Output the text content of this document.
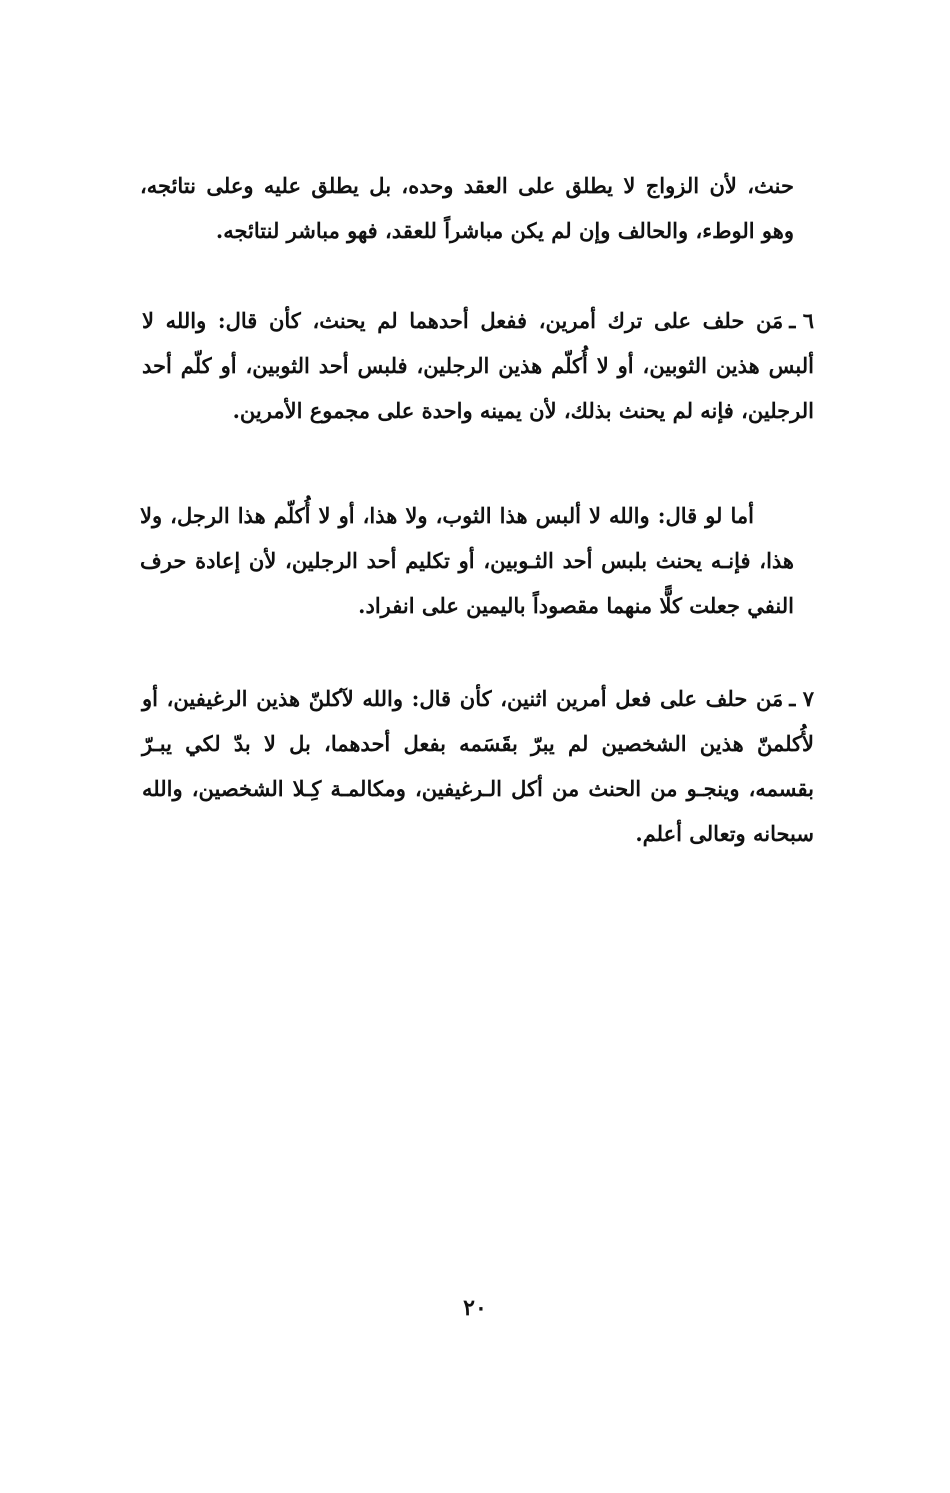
حنث، لأن الزواج لا يطلق على العقد وحده، بل يطلق عليه وعلى نتائجه، وهو الوطء، والحالف وإن لم يكن مباشراً للعقد، فهو مباشر لنتائجه.

٦ ـمَن حلف على ترك أمرين، ففعل أحدهما لم يحنث، كأن قال: والله لا ألبس هذين الثوبين، أو لا أُكلّم هذين الرجلين، فلبس أحد الثوبين، أو كلّم أحد الرجلين، فإنه لم يحنث بذلك، لأن يمينه واحدة على مجموع الأمرين.

أما لو قال: والله لا ألبس هذا الثوب، ولا هذا، أو لا أُكلّم هذا الرجل، ولا هذا، فإنـه يحنث بلبس أحد الثـوبين، أو تكليم أحد الرجلين، لأن إعادة حرف النفي جعلت كلًّا منهما مقصوداً باليمين على انفراد.

٧ ـمَن حلف على فعل أمرين اثنين، كأن قال: والله لآكلنّ هذين الرغيفين، أو لأُكلمنّ هذين الشخصين لم يبرّ بقَسَمه بفعل أحدهما، بل لا بدّ لكي يبـرّ بقسمه، وينجـو من الحنث من أكل الـرغيفين، ومكالمـة كِـلا الشخصين، والله سبحانه وتعالى أعلم.

٢٠
